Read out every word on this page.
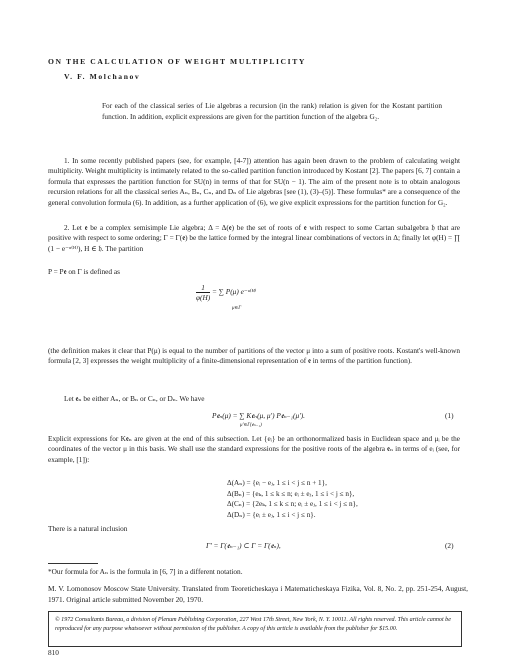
ON THE CALCULATION OF WEIGHT MULTIPLICITY
V. F. Molchanov

For each of the classical series of Lie algebras a recursion (in the rank) relation is given for the Kostant partition function. In addition, explicit expressions are given for the partition function of the algebra G₂.

1. In some recently published papers (see, for example, [4-7]) attention has again been drawn to the problem of calculating weight multiplicity. Weight multiplicity is intimately related to the so-called partition function introduced by Kostant [2]. The papers [6, 7] contain a formula that expresses the partition function for SU(n) in terms of that for SU(n − 1). The aim of the present note is to obtain analogous recursion relations for all the classical series Aₙ, Bₙ, Cₙ, and Dₙ of Lie algebras [see (1), (3)–(5)]. These formulas* are a consequence of the general convolution formula (6). In addition, as a further application of (6), we give explicit expressions for the partition function for G₂.

2. Let 𝖊 be a complex semisimple Lie algebra; Δ = Δ(𝖊) be the set of roots of 𝖊 with respect to some Cartan subalgebra 𝔥 that are positive with respect to some ordering; Γ = Γ(𝖊) be the lattice formed by the integral linear combinations of vectors in Δ; finally let φ(H) = ∏ (1 − e⁻ᵅ⁽ᴴ⁾), H ∈ 𝔥. The partition

P = P𝖊 on Γ is defined as

$\frac{1}{\varphi(H)}$ = ∑ P(μ) e⁻ᵘ⁽ᴴ⁾
μ∈Γ

(the definition makes it clear that P(μ) is equal to the number of partitions of the vector μ into a sum of positive roots. Kostant's well-known formula [2, 3] expresses the weight multiplicity of a finite-dimensional representation of 𝖊 in terms of the partition function).

Let 𝖊ₙ be either Aₙ, or Bₙ or Cₙ, or Dₙ. We have

P𝖊ₙ(μ) = ∑ K𝖊ₙ(μ, μ') P𝖊ₙ₋₁(μ').
μ'∈Γ(𝖊ₙ₋₁)
(1)

Explicit expressions for K𝖊ₙ are given at the end of this subsection. Let {eᵢ} be an orthonormalized basis in Euclidean space and μᵢ be the coordinates of the vector μ in this basis. We shall use the standard expressions for the positive roots of the algebra 𝖊ₙ in terms of eᵢ (see, for example, [1]):

Δ(Aₙ) = {eᵢ − eⱼ, 1 ≤ i < j ≤ n + 1},
Δ(Bₙ) = {eₖ, 1 ≤ k ≤ n; eᵢ ± eⱼ, 1 ≤ i < j ≤ n},
Δ(Cₙ) = {2eₖ, 1 ≤ k ≤ n; eᵢ ± eⱼ, 1 ≤ i < j ≤ n},
Δ(Dₙ) = {eᵢ ± eⱼ, 1 ≤ i < j ≤ n}.

There is a natural inclusion

Γ' = Γ(𝖊ₙ₋₁) ⊂ Γ = Γ(𝖊ₙ),	(2)

*Our formula for Aₙ is the formula in [6, 7] in a different notation.

M. V. Lomonosov Moscow State University. Translated from Teoreticheskaya i Matematicheskaya Fizika, Vol. 8, No. 2, pp. 251-254, August, 1971. Original article submitted November 20, 1970.

© 1972 Consultants Bureau, a division of Plenum Publishing Corporation, 227 West 17th Street, New York, N. Y. 10011. All rights reserved. This article cannot be reproduced for any purpose whatsoever without permission of the publisher. A copy of this article is available from the publisher for $15.00.

810
